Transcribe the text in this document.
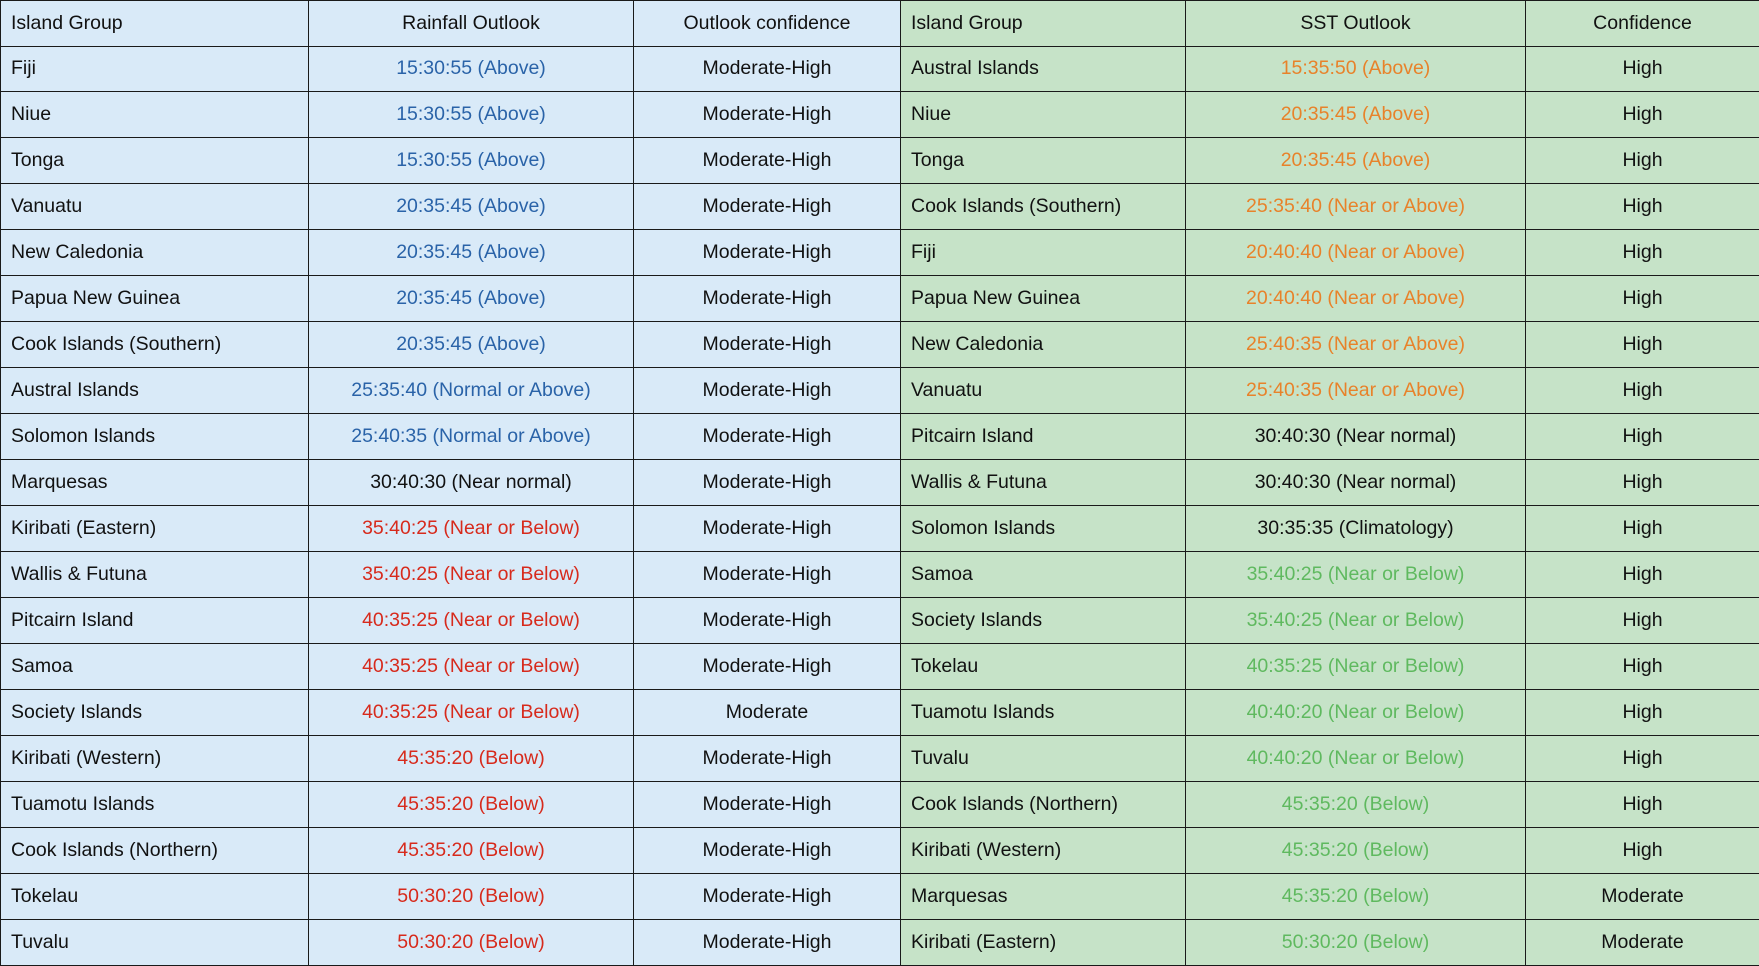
Island Group	Rainfall Outlook	Outlook confidence	Island Group	SST Outlook	Confidence
Fiji	15:30:55 (Above)	Moderate-High	Austral Islands	15:35:50 (Above)	High
Niue	15:30:55 (Above)	Moderate-High	Niue	20:35:45 (Above)	High
Tonga	15:30:55 (Above)	Moderate-High	Tonga	20:35:45 (Above)	High
Vanuatu	20:35:45 (Above)	Moderate-High	Cook Islands (Southern)	25:35:40 (Near or Above)	High
New Caledonia	20:35:45 (Above)	Moderate-High	Fiji	20:40:40 (Near or Above)	High
Papua New Guinea	20:35:45 (Above)	Moderate-High	Papua New Guinea	20:40:40 (Near or Above)	High
Cook Islands (Southern)	20:35:45 (Above)	Moderate-High	New Caledonia	25:40:35 (Near or Above)	High
Austral Islands	25:35:40 (Normal or Above)	Moderate-High	Vanuatu	25:40:35 (Near or Above)	High
Solomon Islands	25:40:35 (Normal or Above)	Moderate-High	Pitcairn Island	30:40:30 (Near normal)	High
Marquesas	30:40:30 (Near normal)	Moderate-High	Wallis & Futuna	30:40:30 (Near normal)	High
Kiribati (Eastern)	35:40:25 (Near or Below)	Moderate-High	Solomon Islands	30:35:35 (Climatology)	High
Wallis & Futuna	35:40:25 (Near or Below)	Moderate-High	Samoa	35:40:25 (Near or Below)	High
Pitcairn Island	40:35:25 (Near or Below)	Moderate-High	Society Islands	35:40:25 (Near or Below)	High
Samoa	40:35:25 (Near or Below)	Moderate-High	Tokelau	40:35:25 (Near or Below)	High
Society Islands	40:35:25 (Near or Below)	Moderate	Tuamotu Islands	40:40:20 (Near or Below)	High
Kiribati (Western)	45:35:20 (Below)	Moderate-High	Tuvalu	40:40:20 (Near or Below)	High
Tuamotu Islands	45:35:20 (Below)	Moderate-High	Cook Islands (Northern)	45:35:20 (Below)	High
Cook Islands (Northern)	45:35:20 (Below)	Moderate-High	Kiribati (Western)	45:35:20 (Below)	High
Tokelau	50:30:20 (Below)	Moderate-High	Marquesas	45:35:20 (Below)	Moderate
Tuvalu	50:30:20 (Below)	Moderate-High	Kiribati (Eastern)	50:30:20 (Below)	Moderate
